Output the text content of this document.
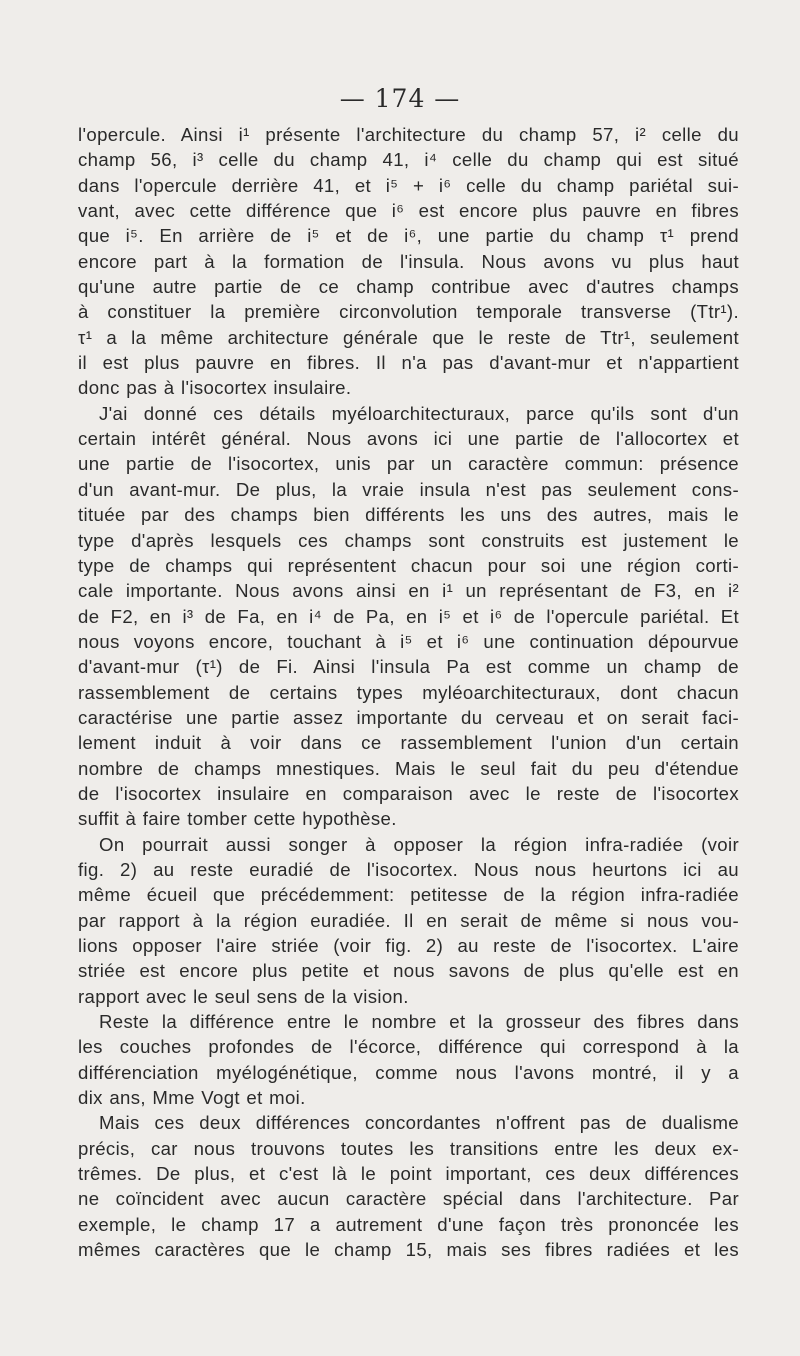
— 174 —
l'opercule. Ainsi i¹ présente l'architecture du champ 57, i² celle du
champ 56, i³ celle du champ 41, i⁴ celle du champ qui est situé
dans l'opercule derrière 41, et i⁵ + i⁶ celle du champ pariétal sui-
vant, avec cette différence que i⁶ est encore plus pauvre en fibres
que i⁵. En arrière de i⁵ et de i⁶, une partie du champ τ¹ prend
encore part à la formation de l'insula. Nous avons vu plus haut
qu'une autre partie de ce champ contribue avec d'autres champs
à constituer la première circonvolution temporale transverse (Ttr¹).
τ¹ a la même architecture générale que le reste de Ttr¹, seulement
il est plus pauvre en fibres. Il n'a pas d'avant-mur et n'appartient
donc pas à l'isocortex insulaire.
J'ai donné ces détails myéloarchitecturaux, parce qu'ils sont d'un
certain intérêt général. Nous avons ici une partie de l'allocortex et
une partie de l'isocortex, unis par un caractère commun: présence
d'un avant-mur. De plus, la vraie insula n'est pas seulement cons-
tituée par des champs bien différents les uns des autres, mais le
type d'après lesquels ces champs sont construits est justement le
type de champs qui représentent chacun pour soi une région corti-
cale importante. Nous avons ainsi en i¹ un représentant de F3, en i²
de F2, en i³ de Fa, en i⁴ de Pa, en i⁵ et i⁶ de l'opercule pariétal. Et
nous voyons encore, touchant à i⁵ et i⁶ une continuation dépourvue
d'avant-mur (τ¹) de Fi. Ainsi l'insula Pa est comme un champ de
rassemblement de certains types myléoarchitecturaux, dont chacun
caractérise une partie assez importante du cerveau et on serait faci-
lement induit à voir dans ce rassemblement l'union d'un certain
nombre de champs mnestiques. Mais le seul fait du peu d'étendue
de l'isocortex insulaire en comparaison avec le reste de l'isocortex
suffit à faire tomber cette hypothèse.
On pourrait aussi songer à opposer la région infra-radiée (voir
fig. 2) au reste euradié de l'isocortex. Nous nous heurtons ici au
même écueil que précédemment: petitesse de la région infra-radiée
par rapport à la région euradiée. Il en serait de même si nous vou-
lions opposer l'aire striée (voir fig. 2) au reste de l'isocortex. L'aire
striée est encore plus petite et nous savons de plus qu'elle est en
rapport avec le seul sens de la vision.
Reste la différence entre le nombre et la grosseur des fibres dans
les couches profondes de l'écorce, différence qui correspond à la
différenciation myélogénétique, comme nous l'avons montré, il y a
dix ans, Mme Vogt et moi.
Mais ces deux différences concordantes n'offrent pas de dualisme
précis, car nous trouvons toutes les transitions entre les deux ex-
trêmes. De plus, et c'est là le point important, ces deux différences
ne coïncident avec aucun caractère spécial dans l'architecture. Par
exemple, le champ 17 a autrement d'une façon très prononcée les
mêmes caractères que le champ 15, mais ses fibres radiées et les
